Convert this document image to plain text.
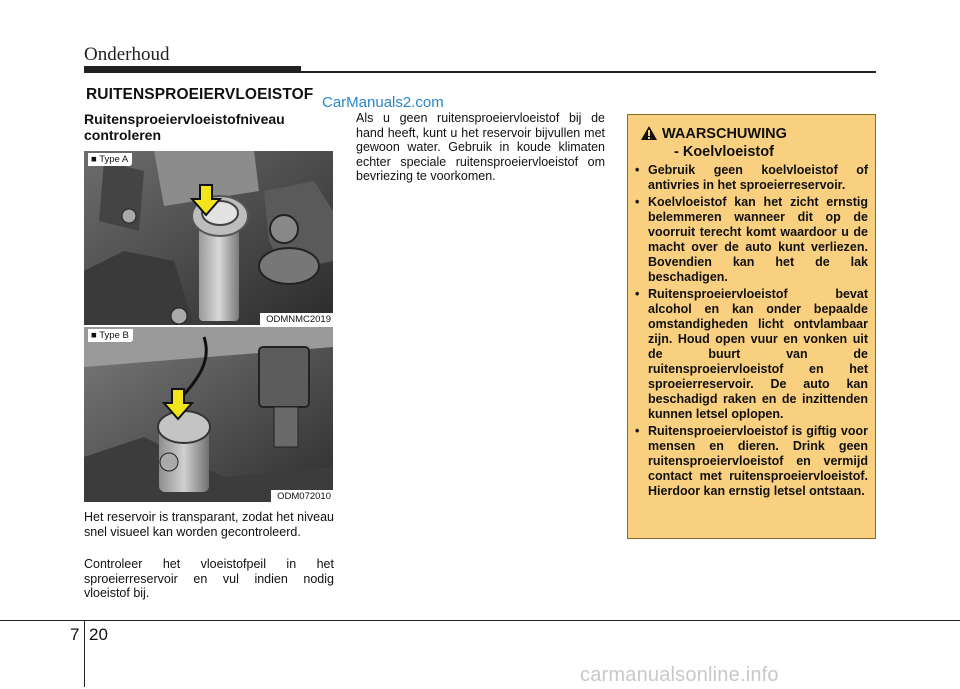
Onderhoud
RUITENSPROEIERVLOEISTOF CarManuals2.com
Ruitensproeiervloeistofniveau controleren
■ Type A
ODMNMC2019
■ Type B
ODM072010
Het reservoir is transparant, zodat het niveau snel visueel kan worden gecontroleerd.
Controleer het vloeistofpeil in het sproeierreservoir en vul indien nodig vloeistof bij.
Als u geen ruitensproeiervloeistof bij de hand heeft, kunt u het reservoir bijvullen met gewoon water. Gebruik in koude klimaten echter speciale ruitensproeiervloeistof om bevriezing te voorkomen.
WAARSCHUWING
- Koelvloeistof
• Gebruik geen koelvloeistof of antivries in het sproeierreservoir.
• Koelvloeistof kan het zicht ernstig belemmeren wanneer dit op de voorruit terecht komt waardoor u de macht over de auto kunt verliezen. Bovendien kan het de lak beschadigen.
• Ruitensproeiervloeistof bevat alcohol en kan onder bepaalde omstandigheden licht ontvlambaar zijn. Houd open vuur en vonken uit de buurt van de ruitensproeiervloeistof en het sproeierreservoir. De auto kan beschadigd raken en de inzittenden kunnen letsel oplopen.
• Ruitensproeiervloeistof is giftig voor mensen en dieren. Drink geen ruitensproeiervloeistof en vermijd contact met ruitensproeiervloeistof. Hierdoor kan ernstig letsel ontstaan.
7 20
carmanualsonline.info
